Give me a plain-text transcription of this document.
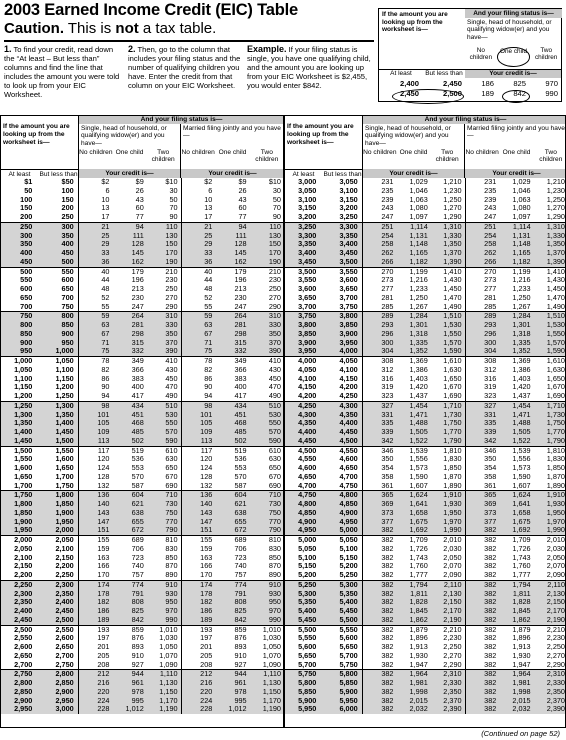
2003 Earned Income Credit (EIC) Table
Caution. This is not a tax table.
1. To find your credit, read down the “At least – But less than” columns and find the line that includes the amount you were told to look up from your EIC Worksheet.
2. Then, go to the column that includes your filing status and the number of qualifying children you have. Enter the credit from that column on your EIC Worksheet.
Example. If your filing status is single, you have one qualifying child, and the amount you are looking up from your EIC Worksheet is $2,455, you would enter $842.
If the amount you are looking up from the worksheet is—
And your filing status is—
Single, head of household, or qualifying widow(er) and you have—
No children
One child	Two children
At least	But less than	Your credit is—
2,400	2,450	186	825	970
2,450	2,500	189	842	990
If the amount you are looking up from the worksheet is—
And your filing status is—
Single, head of household, or qualifying widow(er) and you have—
Married filing jointly and you have—
No children One child	Two children
No children One child	Two children
At least	But less than	Your credit is—	Your credit is—
If the amount you are looking up from the worksheet is—
And your filing status is—
Single, head of household, or qualifying widow(er) and you have—
Married filing jointly and you have—
No children One child	Two children
No children One child	Two children
At least	But less than	Your credit is—	Your credit is—
$1	$50	$2	$9	$10	$2	$9	$10
50	100	6	26	30	6	26	30
100	150	10	43	50	10	43	50
150	200	13	60	70	13	60	70
200	250	17	77	90	17	77	90
250	300	21	94	110	21	94	110
300	350	25	111	130	25	111	130
350	400	29	128	150	29	128	150
400	450	33	145	170	33	145	170
450	500	36	162	190	36	162	190
500	550	40	179	210	40	179	210
550	600	44	196	230	44	196	230
600	650	48	213	250	48	213	250
650	700	52	230	270	52	230	270
700	750	55	247	290	55	247	290
750	800	59	264	310	59	264	310
800	850	63	281	330	63	281	330
850	900	67	298	350	67	298	350
900	950	71	315	370	71	315	370
950	1,000	75	332	390	75	332	390
1,000	1,050	78	349	410	78	349	410
1,050	1,100	82	366	430	82	366	430
1,100	1,150	86	383	450	86	383	450
1,150	1,200	90	400	470	90	400	470
1,200	1,250	94	417	490	94	417	490
1,250	1,300	98	434	510	98	434	510
1,300	1,350	101	451	530	101	451	530
1,350	1,400	105	468	550	105	468	550
1,400	1,450	109	485	570	109	485	570
1,450	1,500	113	502	590	113	502	590
1,500	1,550	117	519	610	117	519	610
1,550	1,600	120	536	630	120	536	630
1,600	1,650	124	553	650	124	553	650
1,650	1,700	128	570	670	128	570	670
1,700	1,750	132	587	690	132	587	690
1,750	1,800	136	604	710	136	604	710
1,800	1,850	140	621	730	140	621	730
1,850	1,900	143	638	750	143	638	750
1,900	1,950	147	655	770	147	655	770
1,950	2,000	151	672	790	151	672	790
2,000	2,050	155	689	810	155	689	810
2,050	2,100	159	706	830	159	706	830
2,100	2,150	163	723	850	163	723	850
2,150	2,200	166	740	870	166	740	870
2,200	2,250	170	757	890	170	757	890
2,250	2,300	174	774	910	174	774	910
2,300	2,350	178	791	930	178	791	930
2,350	2,400	182	808	950	182	808	950
2,400	2,450	186	825	970	186	825	970
2,450	2,500	189	842	990	189	842	990
2,500	2,550	193	859	1,010	193	859	1,010
2,550	2,600	197	876	1,030	197	876	1,030
2,600	2,650	201	893	1,050	201	893	1,050
2,650	2,700	205	910	1,070	205	910	1,070
2,700	2,750	208	927	1,090	208	927	1,090
2,750	2,800	212	944	1,110	212	944	1,110
2,800	2,850	216	961	1,130	216	961	1,130
2,850	2,900	220	978	1,150	220	978	1,150
2,900	2,950	224	995	1,170	224	995	1,170
2,950	3,000	228	1,012	1,190	228	1,012	1,190
3,000	3,050	231	1,029	1,210	231	1,029	1,210
3,050	3,100	235	1,046	1,230	235	1,046	1,230
3,100	3,150	239	1,063	1,250	239	1,063	1,250
3,150	3,200	243	1,080	1,270	243	1,080	1,270
3,200	3,250	247	1,097	1,290	247	1,097	1,290
3,250	3,300	251	1,114	1,310	251	1,114	1,310
3,300	3,350	254	1,131	1,330	254	1,131	1,330
3,350	3,400	258	1,148	1,350	258	1,148	1,350
3,400	3,450	262	1,165	1,370	262	1,165	1,370
3,450	3,500	266	1,182	1,390	266	1,182	1,390
3,500	3,550	270	1,199	1,410	270	1,199	1,410
3,550	3,600	273	1,216	1,430	273	1,216	1,430
3,600	3,650	277	1,233	1,450	277	1,233	1,450
3,650	3,700	281	1,250	1,470	281	1,250	1,470
3,700	3,750	285	1,267	1,490	285	1,267	1,490
3,750	3,800	289	1,284	1,510	289	1,284	1,510
3,800	3,850	293	1,301	1,530	293	1,301	1,530
3,850	3,900	296	1,318	1,550	296	1,318	1,550
3,900	3,950	300	1,335	1,570	300	1,335	1,570
3,950	4,000	304	1,352	1,590	304	1,352	1,590
4,000	4,050	308	1,369	1,610	308	1,369	1,610
4,050	4,100	312	1,386	1,630	312	1,386	1,630
4,100	4,150	316	1,403	1,650	316	1,403	1,650
4,150	4,200	319	1,420	1,670	319	1,420	1,670
4,200	4,250	323	1,437	1,690	323	1,437	1,690
4,250	4,300	327	1,454	1,710	327	1,454	1,710
4,300	4,350	331	1,471	1,730	331	1,471	1,730
4,350	4,400	335	1,488	1,750	335	1,488	1,750
4,400	4,450	339	1,505	1,770	339	1,505	1,770
4,450	4,500	342	1,522	1,790	342	1,522	1,790
4,500	4,550	346	1,539	1,810	346	1,539	1,810
4,550	4,600	350	1,556	1,830	350	1,556	1,830
4,600	4,650	354	1,573	1,850	354	1,573	1,850
4,650	4,700	358	1,590	1,870	358	1,590	1,870
4,700	4,750	361	1,607	1,890	361	1,607	1,890
4,750	4,800	365	1,624	1,910	365	1,624	1,910
4,800	4,850	369	1,641	1,930	369	1,641	1,930
4,850	4,900	373	1,658	1,950	373	1,658	1,950
4,900	4,950	377	1,675	1,970	377	1,675	1,970
4,950	5,000	382	1,692	1,990	382	1,692	1,990
5,000	5,050	382	1,709	2,010	382	1,709	2,010
5,050	5,100	382	1,726	2,030	382	1,726	2,030
5,100	5,150	382	1,743	2,050	382	1,743	2,050
5,150	5,200	382	1,760	2,070	382	1,760	2,070
5,200	5,250	382	1,777	2,090	382	1,777	2,090
5,250	5,300	382	1,794	2,110	382	1,794	2,110
5,300	5,350	382	1,811	2,130	382	1,811	2,130
5,350	5,400	382	1,828	2,150	382	1,828	2,150
5,400	5,450	382	1,845	2,170	382	1,845	2,170
5,450	5,500	382	1,862	2,190	382	1,862	2,190
5,500	5,550	382	1,879	2,210	382	1,879	2,210
5,550	5,600	382	1,896	2,230	382	1,896	2,230
5,600	5,650	382	1,913	2,250	382	1,913	2,250
5,650	5,700	382	1,930	2,270	382	1,930	2,270
5,700	5,750	382	1,947	2,290	382	1,947	2,290
5,750	5,800	382	1,964	2,310	382	1,964	2,310
5,800	5,850	382	1,981	2,330	382	1,981	2,330
5,850	5,900	382	1,998	2,350	382	1,998	2,350
5,900	5,950	382	2,015	2,370	382	2,015	2,370
5,950	6,000	382	2,032	2,390	382	2,032	2,390
(Continued on page 52)
